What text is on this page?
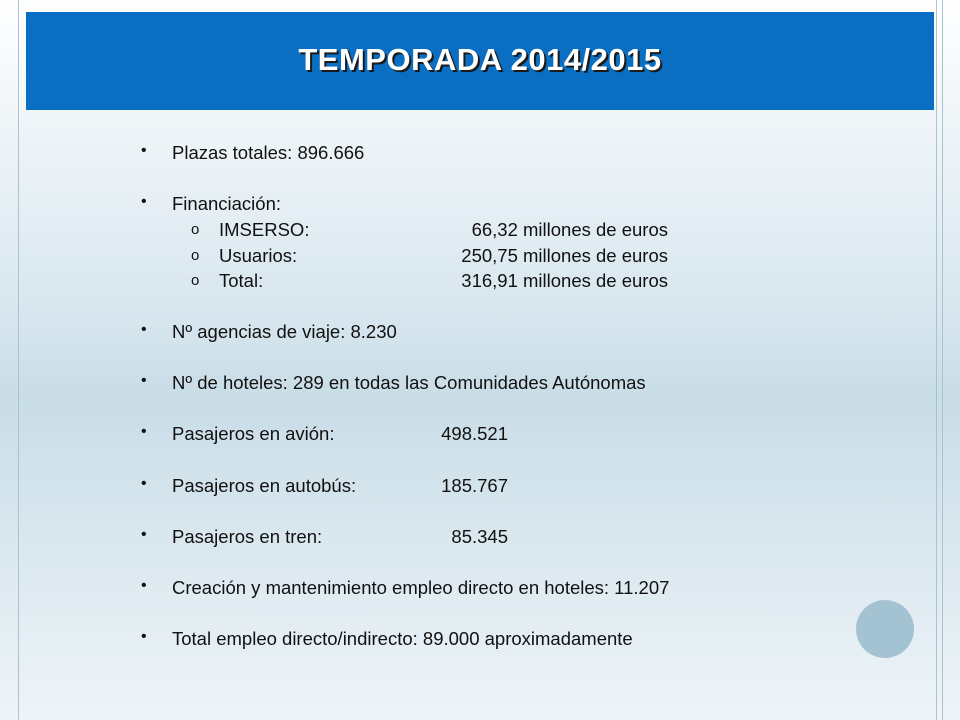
TEMPORADA 2014/2015
• Plazas totales: 896.666
• Financiación:
o IMSERSO:	66,32 millones de euros
o Usuarios:	250,75 millones de euros
o Total:	316,91 millones de euros
• Nº agencias de viaje: 8.230
• Nº de hoteles: 289 en todas las Comunidades Autónomas
• Pasajeros en avión:	498.521
• Pasajeros en autobús:	185.767
• Pasajeros en tren:	85.345
• Creación y mantenimiento empleo directo en hoteles: 11.207
• Total empleo directo/indirecto: 89.000 aproximadamente
